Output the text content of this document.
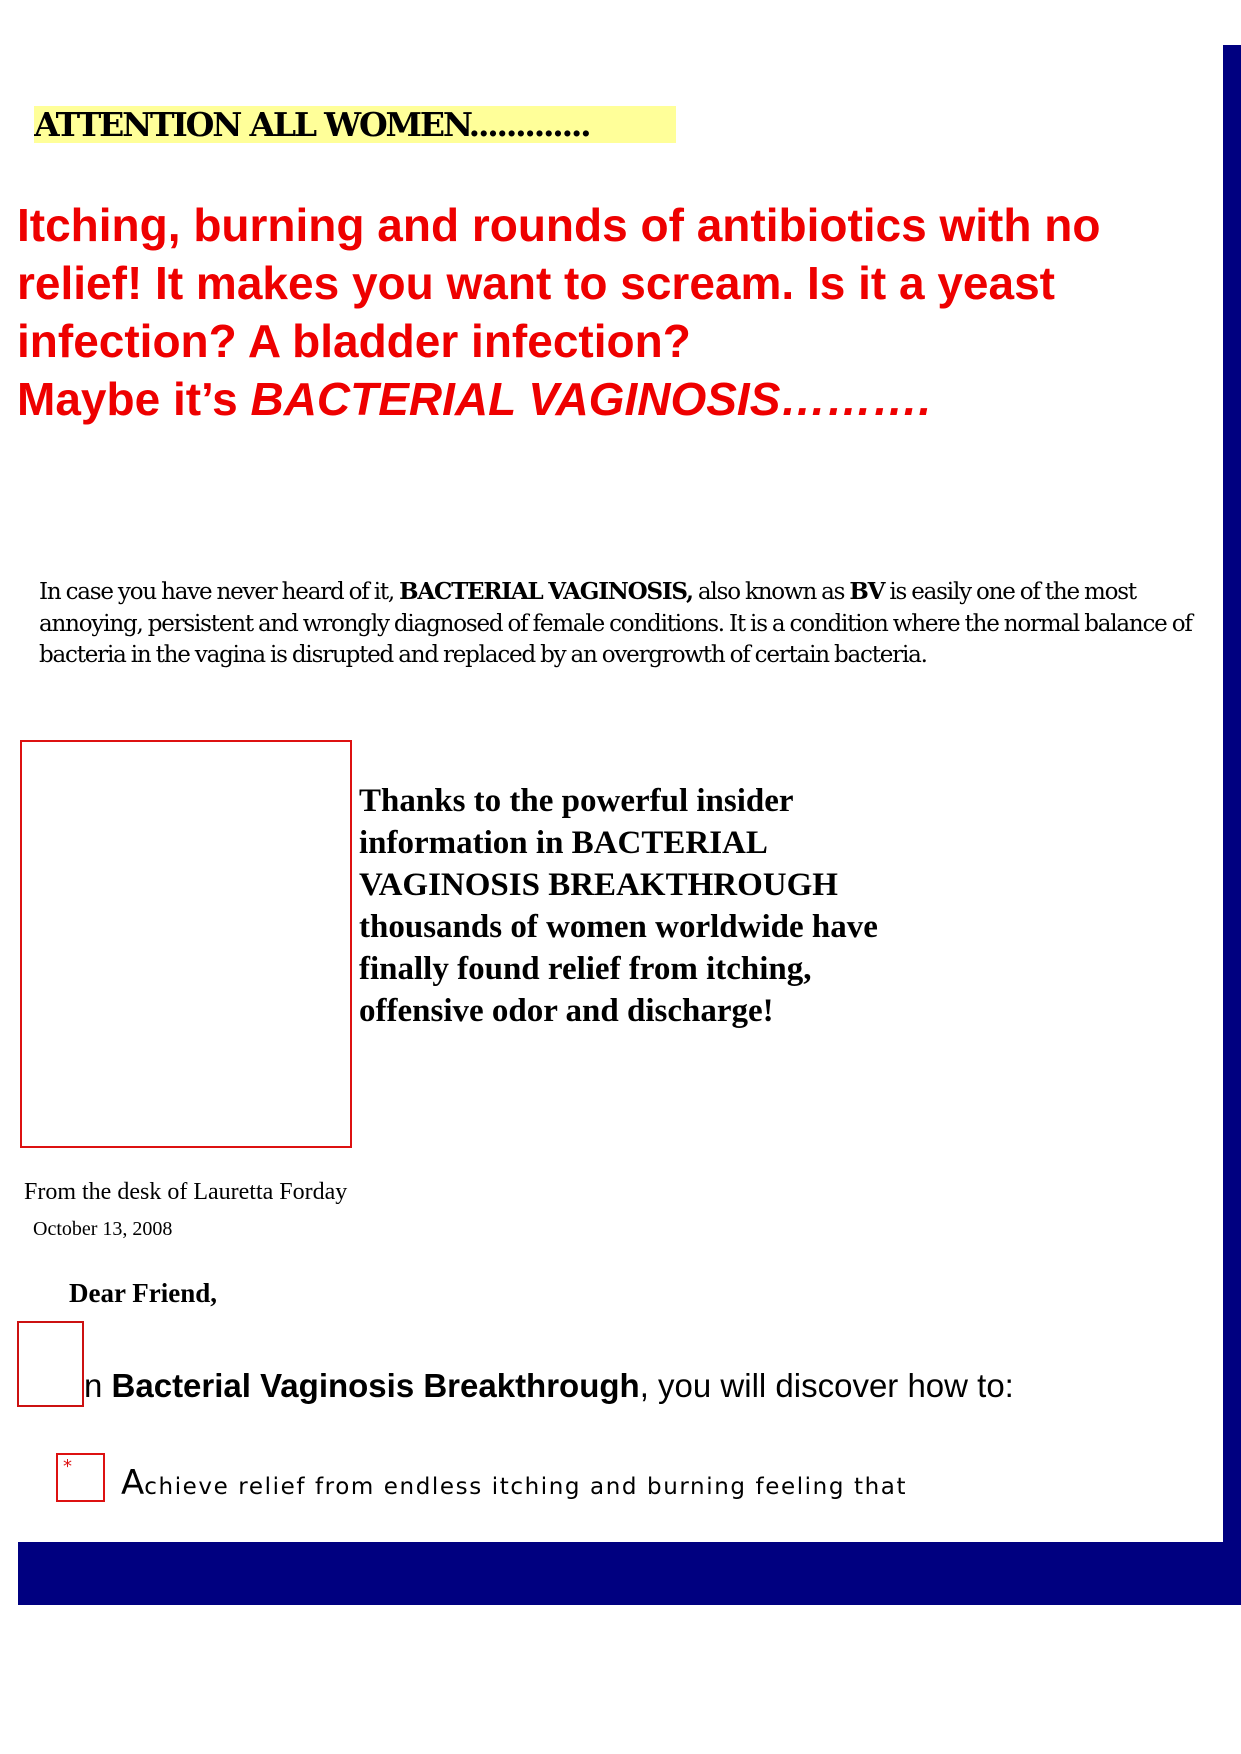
ATTENTION ALL WOMEN.............
Itching, burning and rounds of antibiotics with no
relief! It makes you want to scream. Is it a yeast
infection? A bladder infection?
Maybe it’s BACTERIAL VAGINOSIS……….

In case you have never heard of it, BACTERIAL VAGINOSIS, also known as BV is easily one of the most annoying, persistent and wrongly diagnosed of female conditions. It is a condition where the normal balance of bacteria in the vagina is disrupted and replaced by an overgrowth of certain bacteria.

Thanks to the powerful insider
information in BACTERIAL
VAGINOSIS BREAKTHROUGH
thousands of women worldwide have
finally found relief from itching,
offensive odor and discharge!
From the desk of Lauretta Forday
October 13, 2008
Dear Friend,
n Bacterial Vaginosis Breakthrough, you will discover how to:
* Achieve relief from endless itching and burning feeling that
